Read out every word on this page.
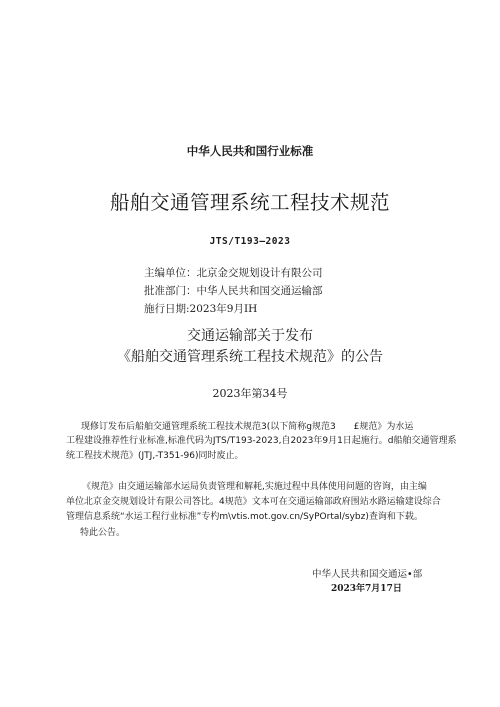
中华人民共和国行业标准
船舶交通管理系统工程技术规范
JTS/T193—2023
主编单位：北京金交规划设计有限公司
批准部门：中华人民共和国交通运输部
施行日期:2023年9月IH
交通运输部关于发布
《船舶交通管理系统工程技术规范》的公告
2023年第34号
现修订发布后船舶交通管理系统工程技术规范3(以下简称g规范3　　£规范》为水运
工程建设推荐性行业标准,标准代码为JTS/T193-2023,自2023年9月1日起施行。d船舶交通管理系
统工程技术规范》(JTJ,-T351-96)同时废止。
《规范》由交通运输部水运局负责管理和解耗,实施过程中具体使用问题的咨询，由主编
单位北京金交规划设计有限公司答比。4规范》文本可在交通运输部政府围站水路运输建设综合
管理信息系统“水运工程行业标准”专杓m\vtis.mot.gov.cn/SyPOrtal∕sybz)查询和下载。
特此公告。
中华人民共和国交通运•部
2023年7月17日
